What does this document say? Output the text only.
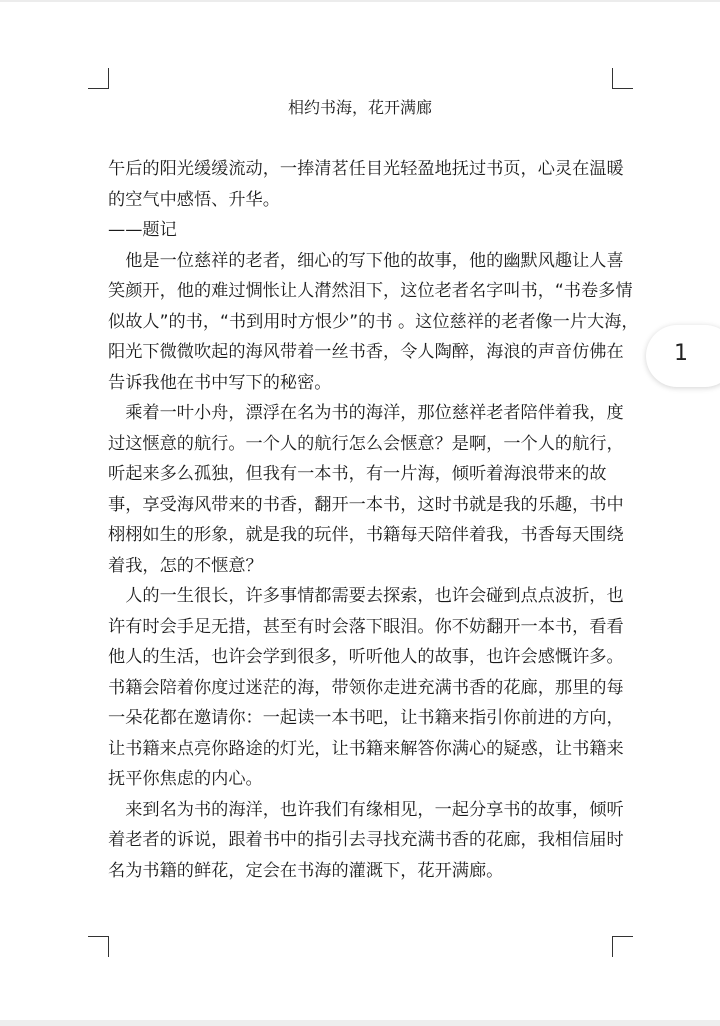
相约书海，花开满廊
午后的阳光缓缓流动，一捧清茗任目光轻盈地抚过书页，心灵在温暖
的空气中感悟、升华。
——题记
　他是一位慈祥的老者，细心的写下他的故事，他的幽默风趣让人喜
笑颜开，他的难过惆怅让人潸然泪下，这位老者名字叫书，“书卷多情
似故人”的书，“书到用时方恨少”的书 。这位慈祥的老者像一片大海，
阳光下微微吹起的海风带着一丝书香，令人陶醉，海浪的声音仿佛在
告诉我他在书中写下的秘密。
　乘着一叶小舟，漂浮在名为书的海洋，那位慈祥老者陪伴着我，度
过这惬意的航行。一个人的航行怎么会惬意？是啊，一个人的航行，
听起来多么孤独，但我有一本书，有一片海，倾听着海浪带来的故
事，享受海风带来的书香，翻开一本书，这时书就是我的乐趣，书中
栩栩如生的形象，就是我的玩伴，书籍每天陪伴着我，书香每天围绕
着我，怎的不惬意？
　人的一生很长，许多事情都需要去探索，也许会碰到点点波折，也
许有时会手足无措，甚至有时会落下眼泪。你不妨翻开一本书，看看
他人的生活，也许会学到很多，听听他人的故事，也许会感慨许多。
书籍会陪着你度过迷茫的海，带领你走进充满书香的花廊，那里的每
一朵花都在邀请你：一起读一本书吧，让书籍来指引你前进的方向，
让书籍来点亮你路途的灯光，让书籍来解答你满心的疑惑，让书籍来
抚平你焦虑的内心。
　来到名为书的海洋，也许我们有缘相见，一起分享书的故事，倾听
着老者的诉说，跟着书中的指引去寻找充满书香的花廊，我相信届时
名为书籍的鲜花，定会在书海的灌溉下，花开满廊。
1
